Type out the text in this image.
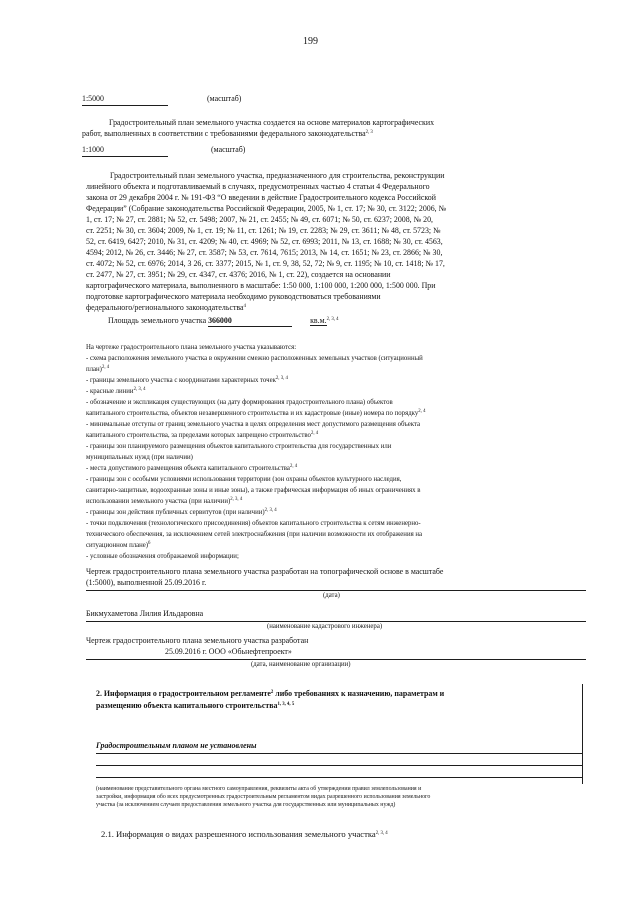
199
1:5000	(масштаб)
Градостроительный план земельного участка создается на основе материалов картографических
работ, выполненных в соответствии с требованиями федерального законодательства$^{2, 3}$
1:1000	(масштаб)
Градостроительный план земельного участка, предназначенного для строительства, реконструкции
линейного объекта и подготавливаемый в случаях, предусмотренных частью 4 статьи 4 Федерального
закона от 29 декабря 2004 г. № 191-ФЗ “О введении в действие Градостроительного кодекса Российской
Федерации” (Собрание законодательства Российской Федерации, 2005, № 1, ст. 17; № 30, ст. 3122; 2006, №
1, ст. 17; № 27, ст. 2881; № 52, ст. 5498; 2007, № 21, ст. 2455; № 49, ст. 6071; № 50, ст. 6237; 2008, № 20,
ст. 2251; № 30, ст. 3604; 2009, № 1, ст. 19; № 11, ст. 1261; № 19, ст. 2283; № 29, ст. 3611; № 48, ст. 5723; №
52, ст. 6419, 6427; 2010, № 31, ст. 4209; № 40, ст. 4969; № 52, ст. 6993; 2011, № 13, ст. 1688; № 30, ст. 4563,
4594; 2012, № 26, ст. 3446; № 27, ст. 3587; № 53, ст. 7614, 7615; 2013, № 14, ст. 1651; № 23, ст. 2866; № 30,
ст. 4072; № 52, ст. 6976; 2014, 3 26, ст. 3377; 2015, № 1, ст. 9, 38, 52, 72; № 9, ст. 1195; № 10, ст. 1418; № 17,
ст. 2477, № 27, ст. 3951; № 29, ст. 4347, ст. 4376; 2016, № 1, ст. 22), создается на основании
картографического материала, выполненного в масштабе: 1:50 000, 1:100 000, 1:200 000, 1:500 000. При
подготовке картографического материала необходимо руководствоваться требованиями
федерального/регионального законодательства$^4$
Площадь земельного участка 366000	кв.м.$^{2, 3, 4}$
На чертеже градостроительного плана земельного участка указываются:
- схема расположения земельного участка в окружении смежно расположенных земельных участков (ситуационный
план)$^{2, 4}$
- границы земельного участка с координатами характерных точек$^{2, 3, 4}$
- красные линии$^{2, 3, 4}$
- обозначение и экспликация существующих (на дату формирования градостроительного плана) объектов
капитального строительства, объектов незавершенного строительства и их кадастровые (иные) номера по порядку$^{2, 4}$
- минимальные отступы от границ земельного участка в целях определения мест допустимого размещения объекта
капитального строительства, за пределами которых запрещено строительство$^{2, 4}$
- границы зон планируемого размещения объектов капитального строительства для государственных или
муниципальных нужд (при наличии)
- места допустимого размещения объекта капитального строительства$^{2, 4}$
- границы зон с особыми условиями использования территории (зон охраны объектов культурного наследия,
санитарно-защитные, водоохранные зоны и иные зоны), а также графическая информация об иных ограничениях в
использовании земельного участка (при наличии)$^{2, 3, 4}$
- границы зон действия публичных сервитутов (при наличии)$^{2, 3, 4}$
- точки подключения (технологического присоединения) объектов капитального строительства к сетям инженерно-
технического обеспечения, за исключением сетей электроснабжения (при наличии возможности их отображения на
ситуационном плане)$^6$
- условные обозначения отображаемой информации;
Чертеж градостроительного плана земельного участка разработан на топографической основе в масштабе
(1:5000), выполненной 25.09.2016 г.
(дата)
Бикмухаметова Лилия Ильдаровна
(наименование кадастрового инженера)
Чертеж градостроительного плана земельного участка разработан
25.09.2016 г. ООО «Обьнефтепроект»
(дата, наименование организации)
2. Информация о градостроительном регламенте$^2$ либо требованиях к назначению, параметрам и
размещению объекта капитального строительства$^{1, 3, 4, 5}$
Градостроительным планом не установлены
(наименование представительного органа местного самоуправления, реквизиты акта об утверждении правил землепользования и
застройки, информация обо всех предусмотренных градостроительным регламентом видах разрешенного использования земельного
участка (за исключением случаев предоставления земельного участка для государственных или муниципальных нужд)
2.1. Информация о видах разрешенного использования земельного участка$^{2, 3, 4}$
